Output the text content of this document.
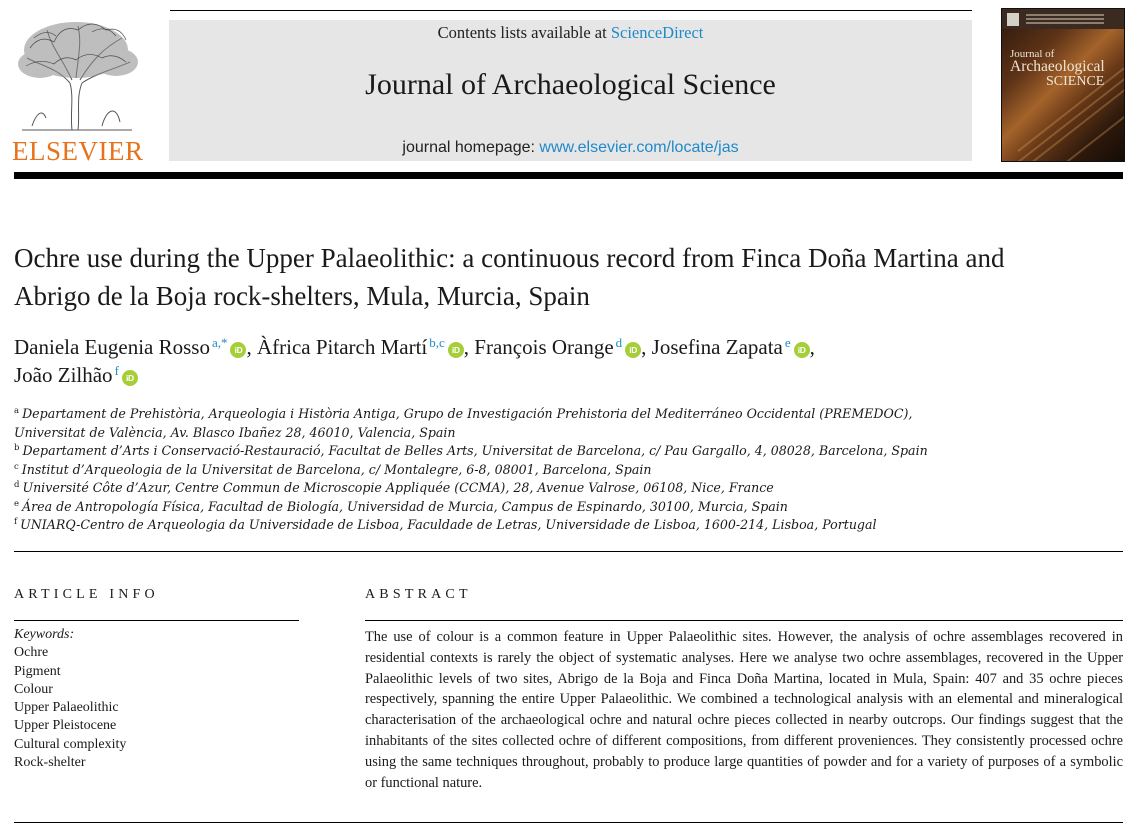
ELSEVIER
Contents lists available at ScienceDirect
Journal of Archaeological Science
journal homepage: www.elsevier.com/locate/jas
Journal of
Archaeological
SCIENCE
Ochre use during the Upper Palaeolithic: a continuous record from Finca Doña Martina and Abrigo de la Boja rock-shelters, Mula, Murcia, Spain
Daniela Eugenia Rosso $^{a,*}$ iD , Àfrica Pitarch Martí $^{b,c}$ iD , François Orange $^d$ iD , Josefina Zapata $^e$ iD ,
João Zilhão $^f$ iD
$^a$ Departament de Prehistòria, Arqueologia i Història Antiga, Grupo de Investigación Prehistoria del Mediterráneo Occidental (PREMEDOC), Universitat de València, Av. Blasco Ibañez 28, 46010, Valencia, Spain
$^b$ Departament d’Arts i Conservació-Restauració, Facultat de Belles Arts, Universitat de Barcelona, c/ Pau Gargallo, 4, 08028, Barcelona, Spain
$^c$ Institut d’Arqueologia de la Universitat de Barcelona, c/ Montalegre, 6-8, 08001, Barcelona, Spain
$^d$ Université Côte d’Azur, Centre Commun de Microscopie Appliquée (CCMA), 28, Avenue Valrose, 06108, Nice, France
$^e$ Área de Antropología Física, Facultad de Biología, Universidad de Murcia, Campus de Espinardo, 30100, Murcia, Spain
$^f$ UNIARQ-Centro de Arqueologia da Universidade de Lisboa, Faculdade de Letras, Universidade de Lisboa, 1600-214, Lisboa, Portugal
ARTICLE INFO
Keywords:
Ochre
Pigment
Colour
Upper Palaeolithic
Upper Pleistocene
Cultural complexity
Rock-shelter
ABSTRACT

The use of colour is a common feature in Upper Palaeolithic sites. However, the analysis of ochre assemblages recovered in residential contexts is rarely the object of systematic analyses. Here we analyse two ochre assemblages, recovered in the Upper Palaeolithic levels of two sites, Abrigo de la Boja and Finca Doña Martina, located in Mula, Spain: 407 and 35 ochre pieces respectively, spanning the entire Upper Palaeolithic. We combined a technological analysis with an elemental and mineralogical characterisation of the archaeological ochre and natural ochre pieces collected in nearby outcrops. Our findings suggest that the inhabitants of the sites collected ochre of different compositions, from different proveniences. They consistently processed ochre using the same techniques throughout, probably to produce large quantities of powder and for a variety of purposes of a symbolic or functional nature.
